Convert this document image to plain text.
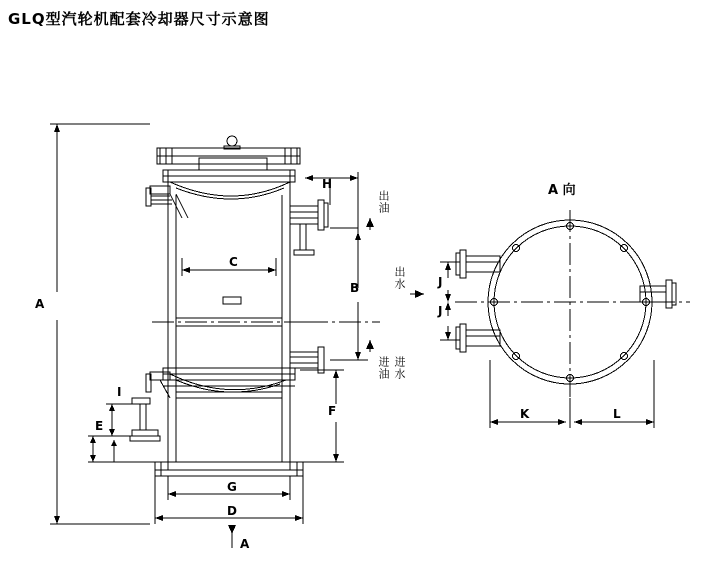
GLQ型汽轮机配套冷却器尺寸示意图
A
H
C
B
I
E
F
G
D
A
J
J
K	L
出油
出水
进水
进油
A 向
